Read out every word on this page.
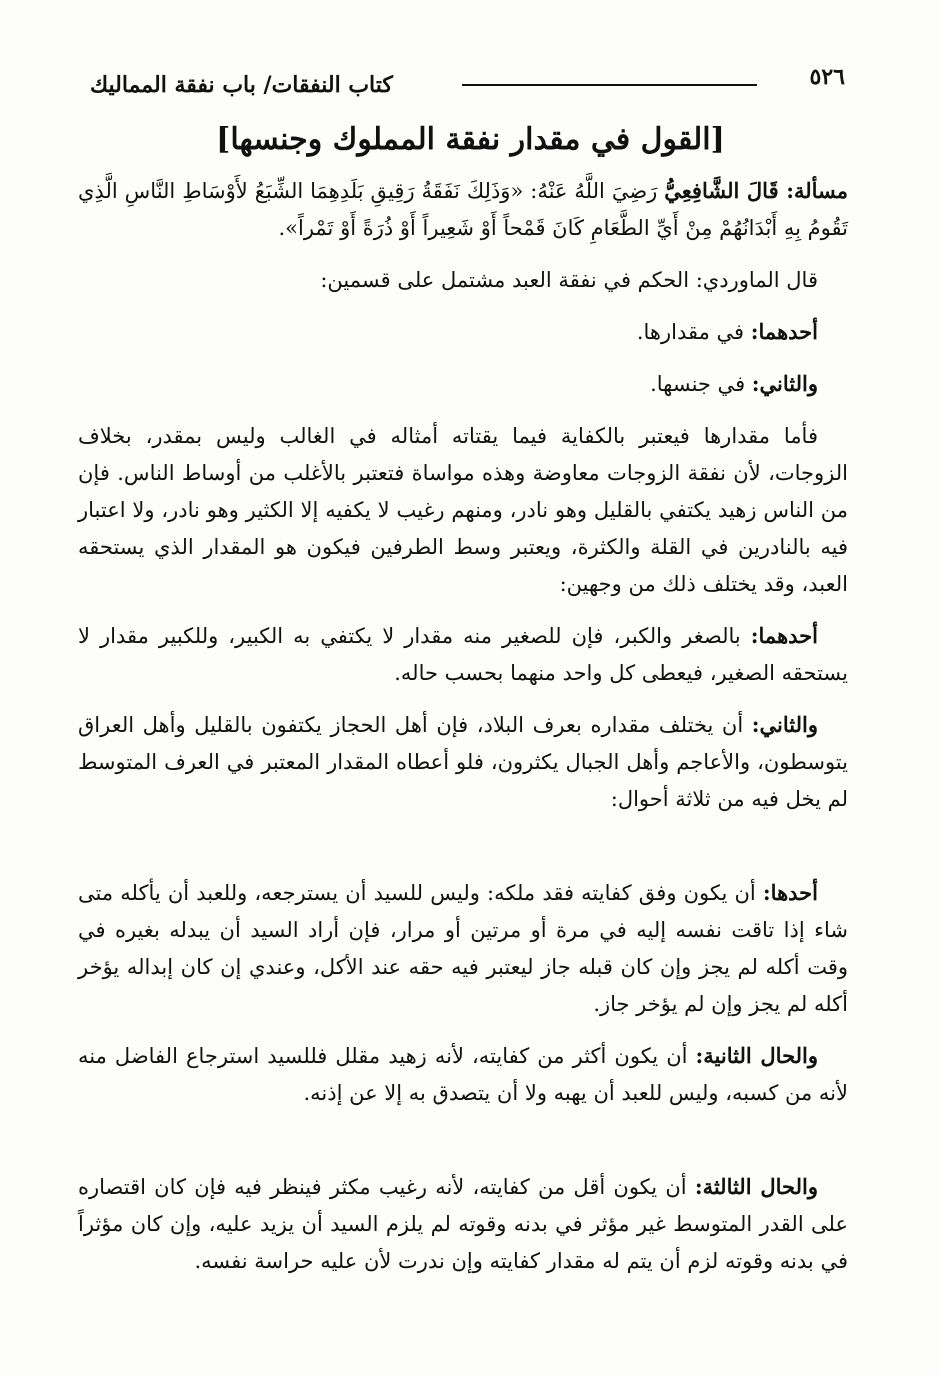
٥٢٦
كتاب النفقات/ باب نفقة المماليك
[القول في مقدار نفقة المملوك وجنسها]

مسألة: قَالَ الشَّافِعِيُّ رَضِيَ اللَّهُ عَنْهُ: «وَذَلِكَ نَفَقَةُ رَقِيقِ بَلَدِهِمَا الشِّبَعُ لأَوْسَاطِ النَّاسِ الَّذِي تَقُومُ بِهِ أَبْدَانُهُمْ مِنْ أَيِّ الطَّعَامِ كَانَ قَمْحاً أَوْ شَعِيراً أَوْ ذُرَةً أَوْ تَمْراً».

قال الماوردي: الحكم في نفقة العبد مشتمل على قسمين:

أحدهما: في مقدارها.

والثاني: في جنسها.

فأما مقدارها فيعتبر بالكفاية فيما يقتاته أمثاله في الغالب وليس بمقدر، بخلاف الزوجات، لأن نفقة الزوجات معاوضة وهذه مواساة فتعتبر بالأغلب من أوساط الناس. فإن من الناس زهيد يكتفي بالقليل وهو نادر، ومنهم رغيب لا يكفيه إلا الكثير وهو نادر، ولا اعتبار فيه بالنادرين في القلة والكثرة، ويعتبر وسط الطرفين فيكون هو المقدار الذي يستحقه العبد، وقد يختلف ذلك من وجهين:

أحدهما: بالصغر والكبر، فإن للصغير منه مقدار لا يكتفي به الكبير، وللكبير مقدار لا يستحقه الصغير، فيعطى كل واحد منهما بحسب حاله.

والثاني: أن يختلف مقداره بعرف البلاد، فإن أهل الحجاز يكتفون بالقليل وأهل العراق يتوسطون، والأعاجم وأهل الجبال يكثرون، فلو أعطاه المقدار المعتبر في العرف المتوسط لم يخل فيه من ثلاثة أحوال:

أحدها: أن يكون وفق كفايته فقد ملكه: وليس للسيد أن يسترجعه، وللعبد أن يأكله متى شاء إذا تاقت نفسه إليه في مرة أو مرتين أو مرار، فإن أراد السيد أن يبدله بغيره في وقت أكله لم يجز وإن كان قبله جاز ليعتبر فيه حقه عند الأكل، وعندي إن كان إبداله يؤخر أكله لم يجز وإن لم يؤخر جاز.

والحال الثانية: أن يكون أكثر من كفايته، لأنه زهيد مقلل فللسيد استرجاع الفاضل منه لأنه من كسبه، وليس للعبد أن يهبه ولا أن يتصدق به إلا عن إذنه.

والحال الثالثة: أن يكون أقل من كفايته، لأنه رغيب مكثر فينظر فيه فإن كان اقتصاره على القدر المتوسط غير مؤثر في بدنه وقوته لم يلزم السيد أن يزيد عليه، وإن كان مؤثراً في بدنه وقوته لزم أن يتم له مقدار كفايته وإن ندرت لأن عليه حراسة نفسه.
